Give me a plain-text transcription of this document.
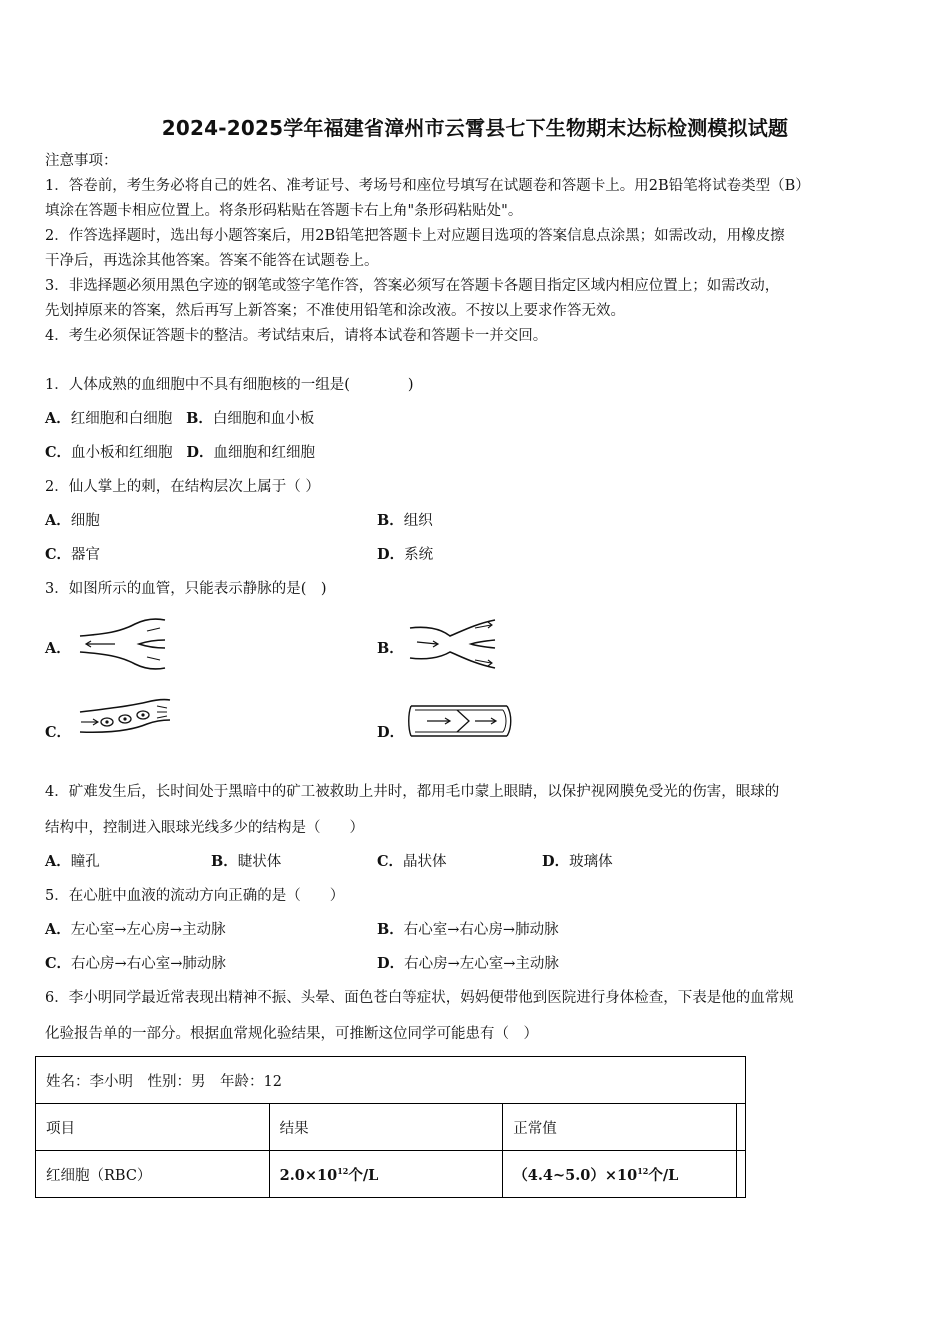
2024-2025学年福建省漳州市云霄县七下生物期末达标检测模拟试题
注意事项：
1．答卷前，考生务必将自己的姓名、准考证号、考场号和座位号填写在试题卷和答题卡上。用2B铅笔将试卷类型（B）
填涂在答题卡相应位置上。将条形码粘贴在答题卡右上角"条形码粘贴处"。
2．作答选择题时，选出每小题答案后，用2B铅笔把答题卡上对应题目选项的答案信息点涂黑；如需改动，用橡皮擦
干净后，再选涂其他答案。答案不能答在试题卷上。
3．非选择题必须用黑色字迹的钢笔或签字笔作答，答案必须写在答题卡各题目指定区域内相应位置上；如需改动，
先划掉原来的答案，然后再写上新答案；不准使用铅笔和涂改液。不按以上要求作答无效。
4．考生必须保证答题卡的整洁。考试结束后，请将本试卷和答题卡一并交回。
1．人体成熟的血细胞中不具有细胞核的一组是(　　　　)
A．红细胞和白细胞 B．白细胞和血小板
C．血小板和红细胞 D．血细胞和红细胞
2．仙人掌上的刺，在结构层次上属于（ ）
A．细胞	B．组织
C．器官	D．系统
3．如图所示的血管，只能表示静脉的是(　)
A．	B．
C．	D．
4．矿难发生后，长时间处于黑暗中的矿工被救助上井时，都用毛巾蒙上眼睛，以保护视网膜免受光的伤害，眼球的
结构中，控制进入眼球光线多少的结构是（　　）
A．瞳孔	B．睫状体	C．晶状体	D．玻璃体
5．在心脏中血液的流动方向正确的是（　　）
A．左心室→左心房→主动脉	B．右心室→右心房→肺动脉
C．右心房→右心室→肺动脉	D．右心房→左心室→主动脉
6．李小明同学最近常表现出精神不振、头晕、面色苍白等症状，妈妈便带他到医院进行身体检查，下表是他的血常规
化验报告单的一部分。根据血常规化验结果，可推断这位同学可能患有（　）
姓名：李小明　性别：男　年龄：12			
项目	结果	正常值	
红细胞（RBC）	$2.0\times 10^{12}$个/L	$(4.4\sim 5.0)\times 10^{12}$个/L	
